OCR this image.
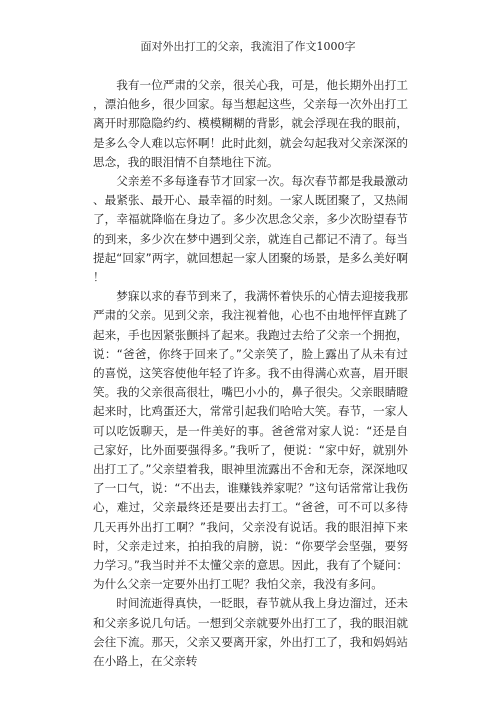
面对外出打工的父亲，我流泪了作文1000字

我有一位严肃的父亲，很关心我，可是，他长期外出打工，漂泊他乡，很少回家。每当想起这些，父亲每一次外出打工离开时那隐隐约约、模模糊糊的背影，就会浮现在我的眼前，是多么令人难以忘怀啊！此时此刻，就会勾起我对父亲深深的思念，我的眼泪情不自禁地往下流。

父亲差不多每逢春节才回家一次。每次春节都是我最激动、最紧张、最开心、最幸福的时刻。一家人既团聚了，又热闹了，幸福就降临在身边了。多少次思念父亲，多少次盼望春节的到来，多少次在梦中遇到父亲，就连自己都记不清了。每当提起“回家”两字，就回想起一家人团聚的场景，是多么美好啊！

梦寐以求的春节到来了，我满怀着快乐的心情去迎接我那严肃的父亲。见到父亲，我注视着他，心也不由地怦怦直跳了起来，手也因紧张颤抖了起来。我跑过去给了父亲一个拥抱，说：“爸爸，你终于回来了。”父亲笑了，脸上露出了从未有过的喜悦，这笑容使他年轻了许多。我不由得满心欢喜，眉开眼笑。我的父亲很高很壮，嘴巴小小的，鼻子很尖。父亲眼睛瞪起来时，比鸡蛋还大，常常引起我们哈哈大笑。春节，一家人可以吃饭聊天，是一件美好的事。爸爸常对家人说：“还是自己家好，比外面要强得多。”我听了，便说：“家中好，就别外出打工了。”父亲望着我，眼神里流露出不舍和无奈，深深地叹了一口气，说：“不出去，谁赚钱养家呢？”这句话常常让我伤心，难过，父亲最终还是要出去打工。“爸爸，可不可以多待几天再外出打工啊？”我问，父亲没有说话。我的眼泪掉下来时，父亲走过来，拍拍我的肩膀，说：“你要学会坚强，要努力学习。”我当时并不太懂父亲的意思。因此，我有了个疑问：为什么父亲一定要外出打工呢？我怕父亲，我没有多问。

时间流逝得真快，一眨眼，春节就从我上身边溜过，还未和父亲多说几句话。一想到父亲就要外出打工了，我的眼泪就会往下流。那天，父亲又要离开家，外出打工了，我和妈妈站在小路上，在父亲转
